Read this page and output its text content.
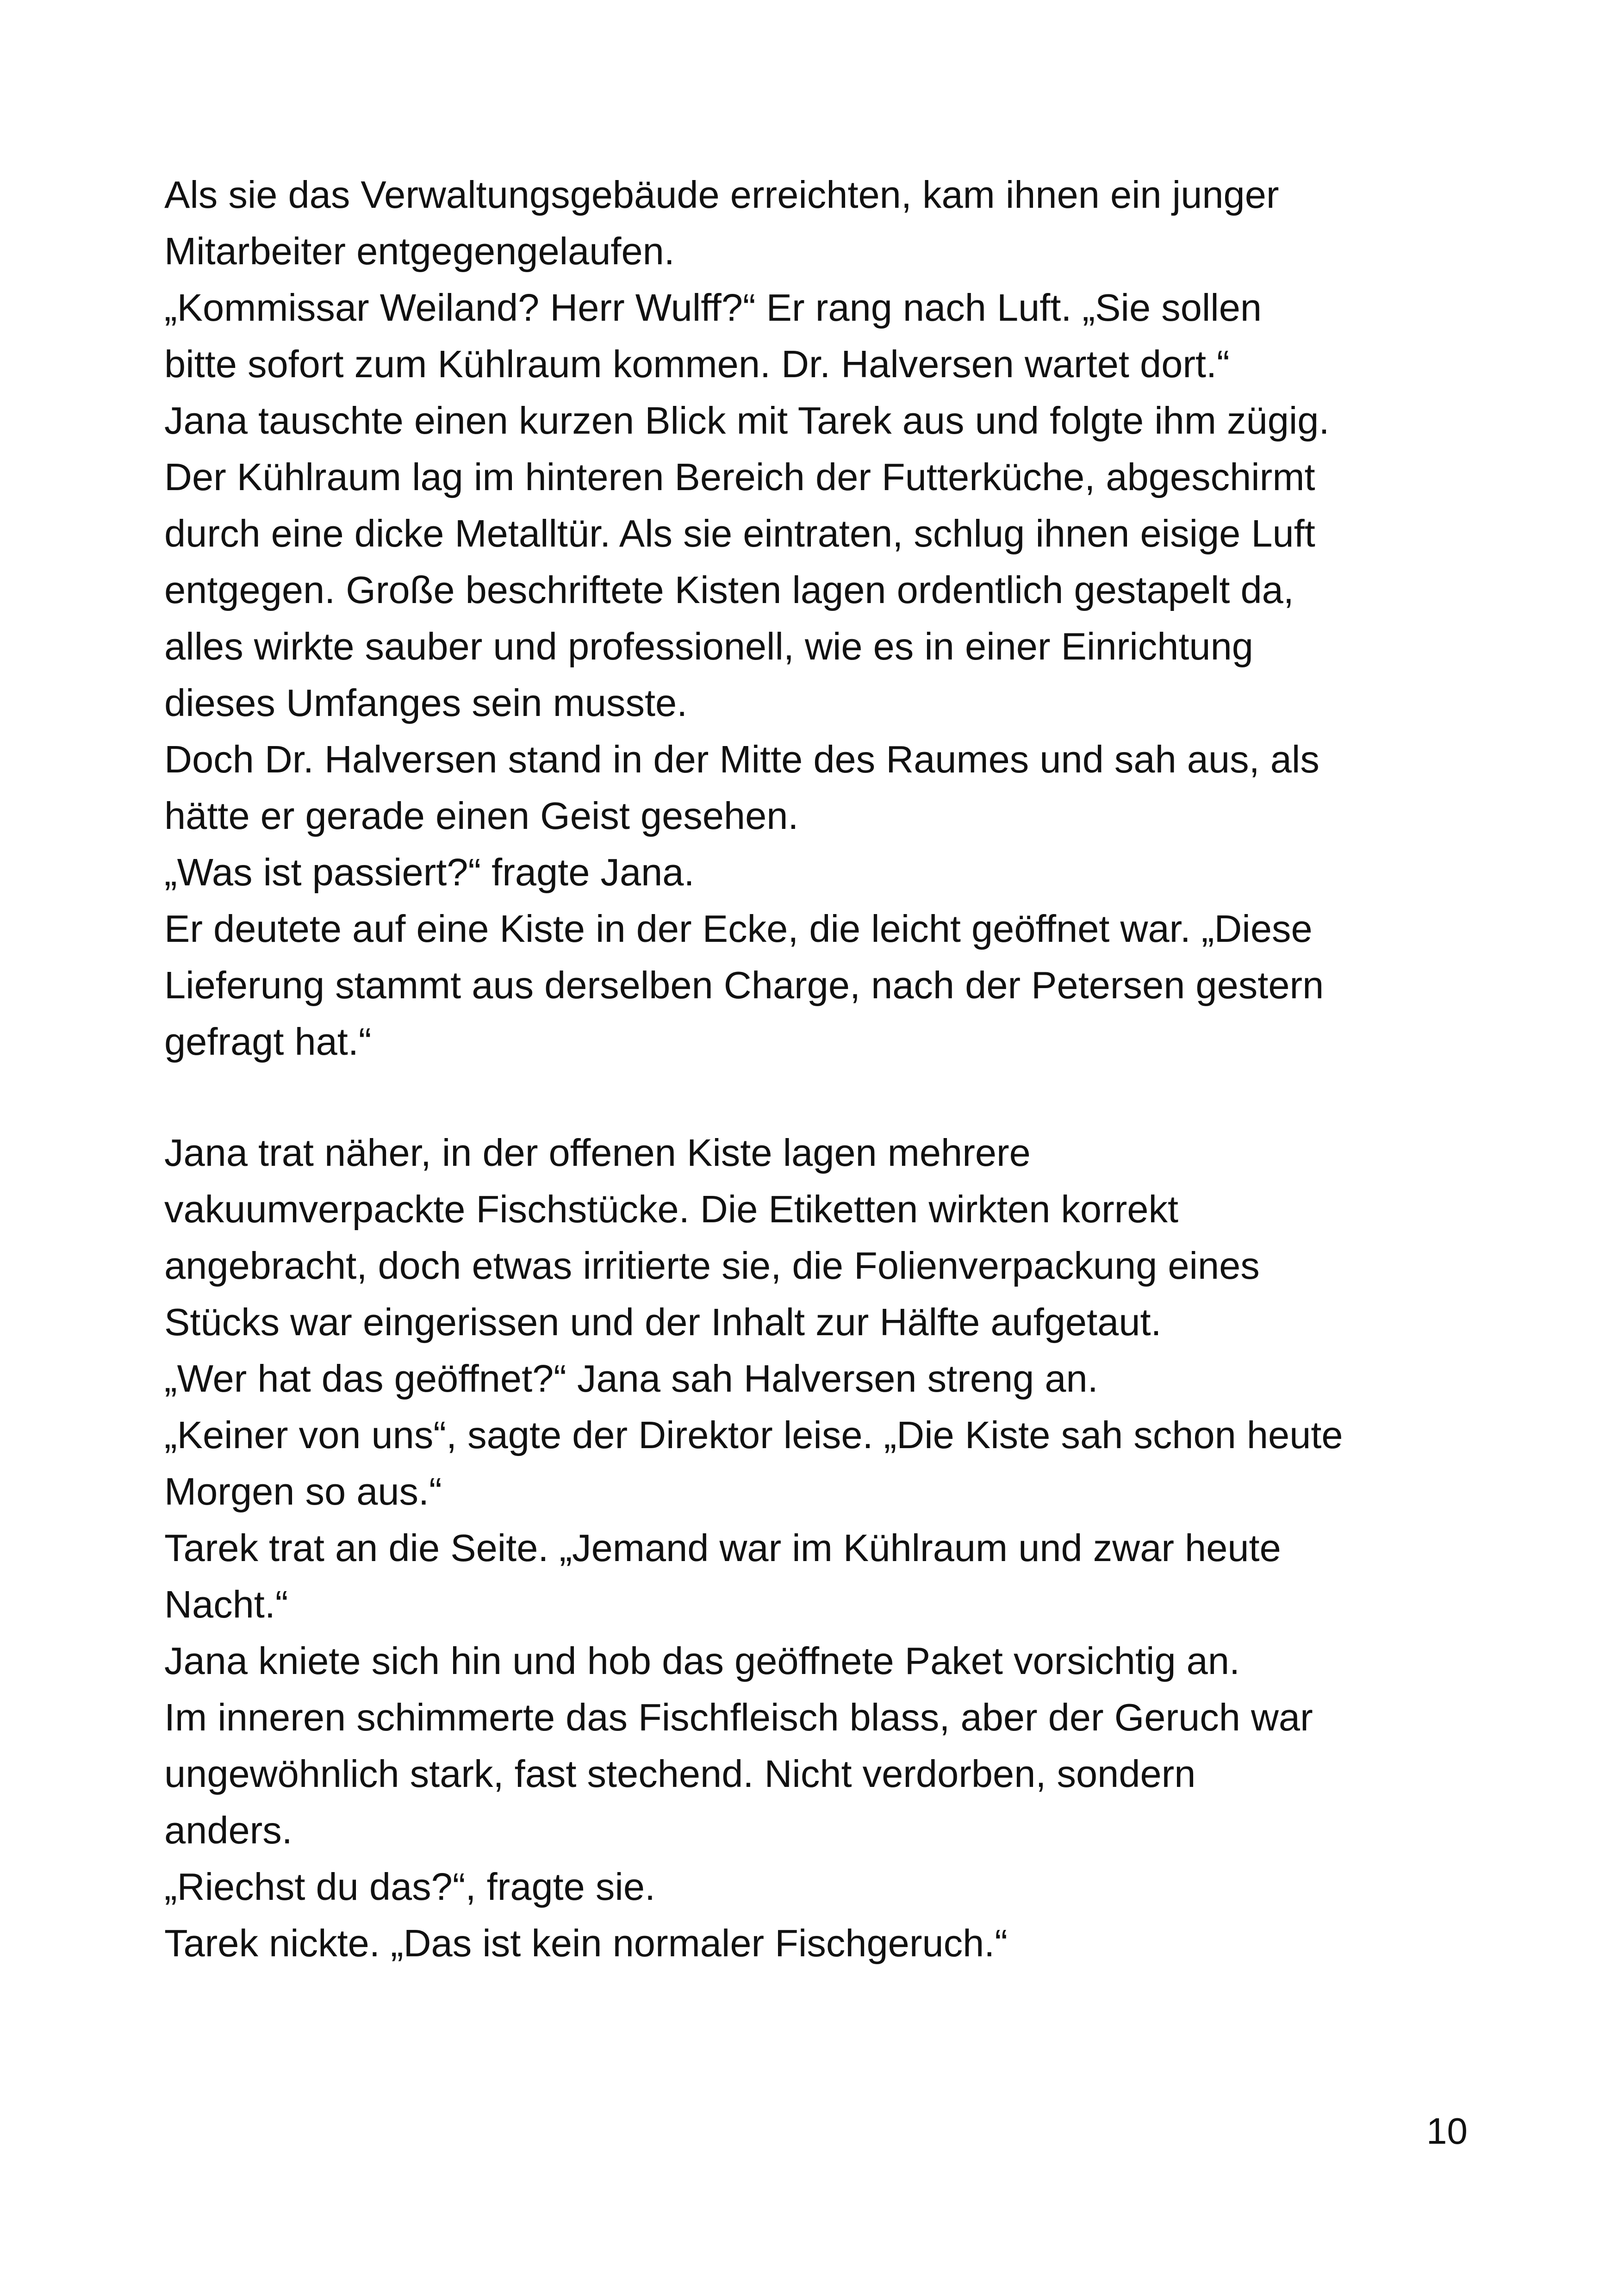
Als sie das Verwaltungsgebäude erreichten, kam ihnen ein junger
Mitarbeiter entgegengelaufen.
„Kommissar Weiland? Herr Wulff?“ Er rang nach Luft. „Sie sollen
bitte sofort zum Kühlraum kommen. Dr. Halversen wartet dort.“
Jana tauschte einen kurzen Blick mit Tarek aus und folgte ihm zügig.
Der Kühlraum lag im hinteren Bereich der Futterküche, abgeschirmt
durch eine dicke Metalltür. Als sie eintraten, schlug ihnen eisige Luft
entgegen. Große beschriftete Kisten lagen ordentlich gestapelt da,
alles wirkte sauber und professionell, wie es in einer Einrichtung
dieses Umfanges sein musste.
Doch Dr. Halversen stand in der Mitte des Raumes und sah aus, als
hätte er gerade einen Geist gesehen.
„Was ist passiert?“ fragte Jana.
Er deutete auf eine Kiste in der Ecke, die leicht geöffnet war. „Diese
Lieferung stammt aus derselben Charge, nach der Petersen gestern
gefragt hat.“
Jana trat näher, in der offenen Kiste lagen mehrere
vakuumverpackte Fischstücke. Die Etiketten wirkten korrekt
angebracht, doch etwas irritierte sie, die Folienverpackung eines
Stücks war eingerissen und der Inhalt zur Hälfte aufgetaut.
„Wer hat das geöffnet?“ Jana sah Halversen streng an.
„Keiner von uns“, sagte der Direktor leise. „Die Kiste sah schon heute
Morgen so aus.“
Tarek trat an die Seite. „Jemand war im Kühlraum und zwar heute
Nacht.“
Jana kniete sich hin und hob das geöffnete Paket vorsichtig an.
Im inneren schimmerte das Fischfleisch blass, aber der Geruch war
ungewöhnlich stark, fast stechend. Nicht verdorben, sondern
anders.
„Riechst du das?“, fragte sie.
Tarek nickte. „Das ist kein normaler Fischgeruch.“
10
